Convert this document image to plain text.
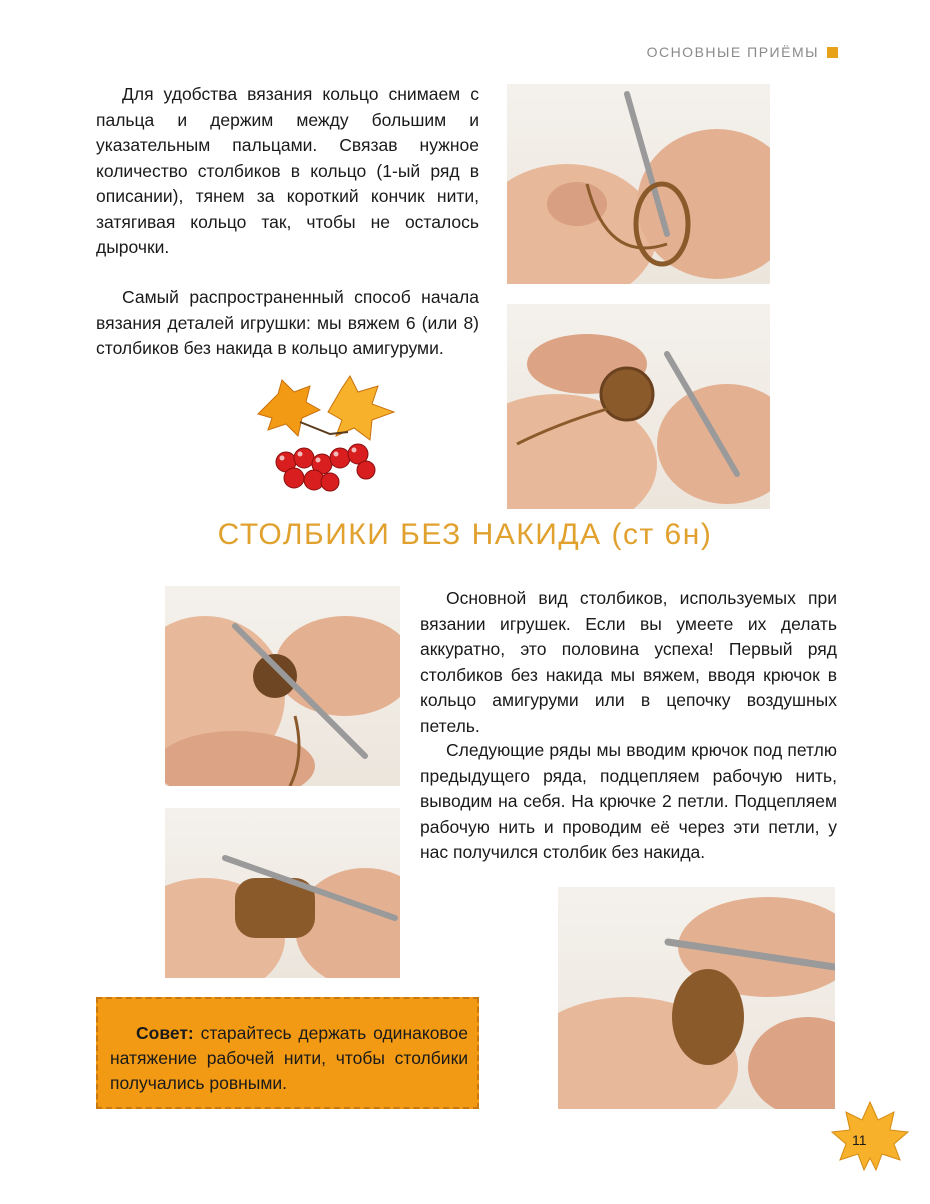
ОСНОВНЫЕ ПРИЁМЫ

Для удобства вязания кольцо снимаем с пальца и держим между большим и указательным пальцами. Связав нужное количество столбиков в кольцо (1-ый ряд в описании), тянем за короткий кончик нити, затягивая кольцо так, чтобы не осталось дырочки.

Самый распространенный способ начала вязания деталей игрушки: мы вяжем 6 (или 8) столбиков без накида в кольцо амигуруми.

СТОЛБИКИ БЕЗ НАКИДА (ст 6н)

Основной вид столбиков, используемых при вязании игрушек. Если вы умеете их делать аккуратно, это половина успеха! Первый ряд столбиков без накида мы вяжем, вводя крючок в кольцо амигуруми или в цепочку воздушных петель.

Следующие ряды мы вводим крючок под петлю предыдущего ряда, подцепляем рабочую нить, выводим на себя. На крючке 2 петли. Подцепляем рабочую нить и проводим её через эти петли, у нас получился столбик без накида.

Совет: старайтесь держать одинаковое натяжение рабочей нити, чтобы столбики получались ровными.

11
